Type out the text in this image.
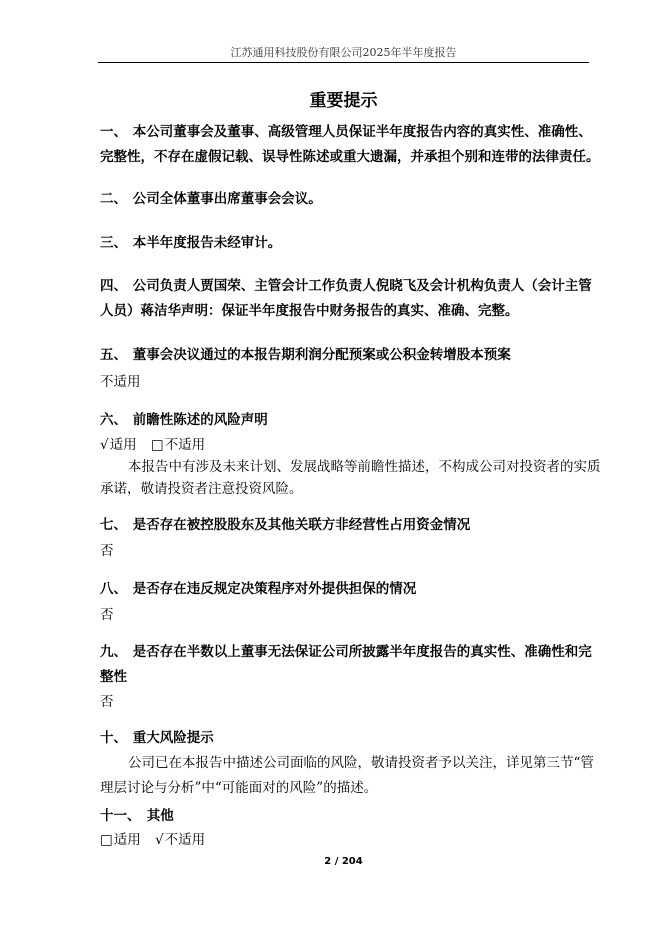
江苏通用科技股份有限公司2025年半年度报告
重要提示
一、 本公司董事会及董事、高级管理人员保证半年度报告内容的真实性、准确性、
完整性，不存在虚假记载、误导性陈述或重大遗漏，并承担个别和连带的法律责任。
二、 公司全体董事出席董事会会议。
三、 本半年度报告未经审计。
四、 公司负责人贾国荣、主管会计工作负责人倪晓飞及会计机构负责人（会计主管
人员）蒋洁华声明：保证半年度报告中财务报告的真实、准确、完整。
五、 董事会决议通过的本报告期利润分配预案或公积金转增股本预案
不适用
六、 前瞻性陈述的风险声明
√适用 □不适用
本报告中有涉及未来计划、发展战略等前瞻性描述，不构成公司对投资者的实质
承诺，敬请投资者注意投资风险。
七、 是否存在被控股股东及其他关联方非经营性占用资金情况
否
八、 是否存在违反规定决策程序对外提供担保的情况
否
九、 是否存在半数以上董事无法保证公司所披露半年度报告的真实性、准确性和完
整性
否
十、 重大风险提示
公司已在本报告中描述公司面临的风险，敬请投资者予以关注，详见第三节“管
理层讨论与分析”中“可能面对的风险”的描述。
十一、 其他
□适用 √不适用
2 / 204
